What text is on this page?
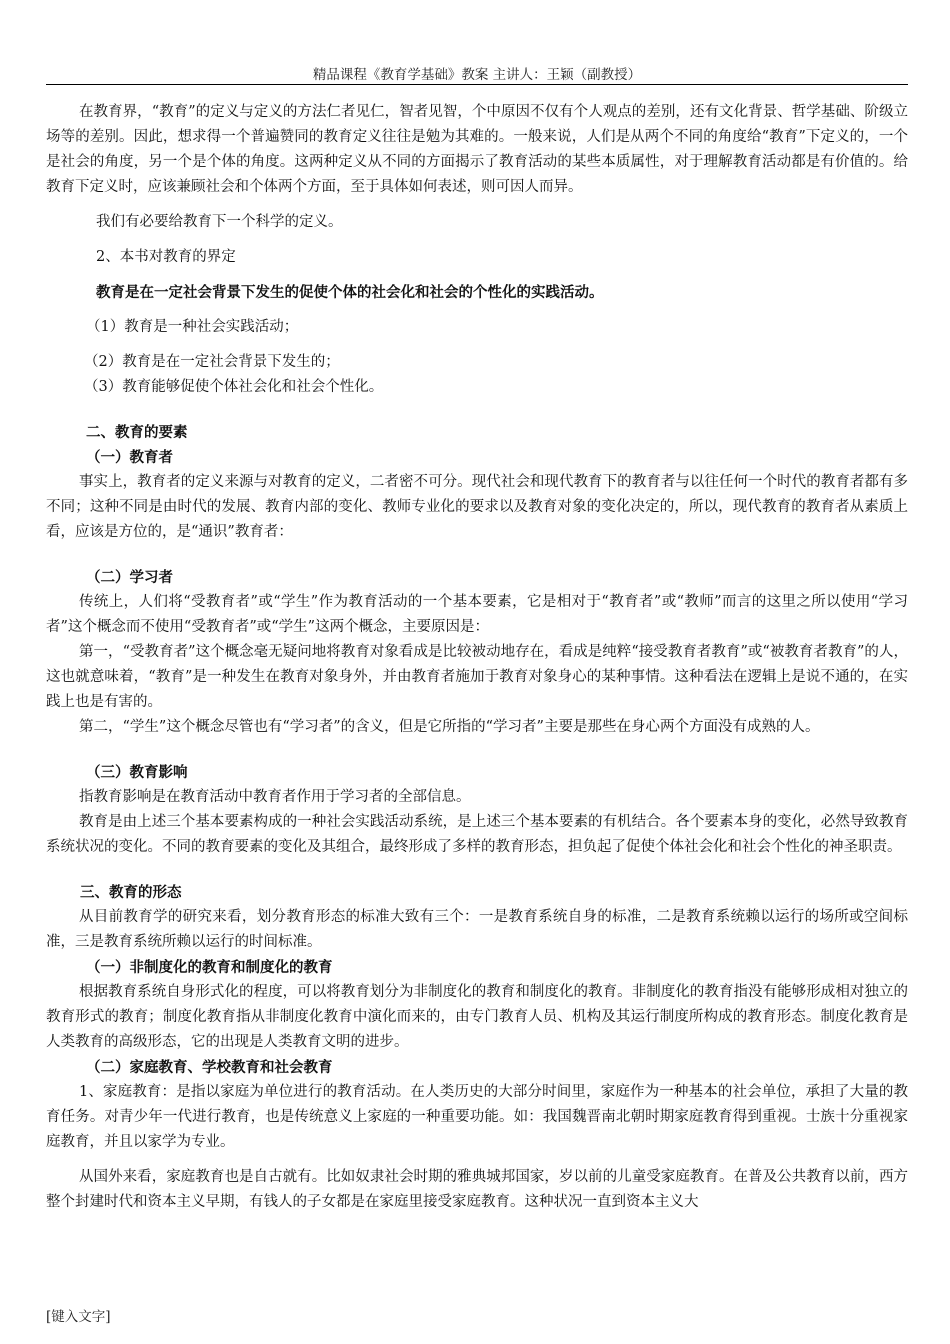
精品课程《教育学基础》教案 主讲人：王颖（副教授）

在教育界，“教育”的定义与定义的方法仁者见仁，智者见智，个中原因不仅有个人观点的差别，还有文化背景、哲学基础、阶级立场等的差别。因此，想求得一个普遍赞同的教育定义往往是勉为其难的。一般来说，人们是从两个不同的角度给“教育”下定义的，一个是社会的角度，另一个是个体的角度。这两种定义从不同的方面揭示了教育活动的某些本质属性，对于理解教育活动都是有价值的。给教育下定义时，应该兼顾社会和个体两个方面，至于具体如何表述，则可因人而异。

我们有必要给教育下一个科学的定义。

2、本书对教育的界定

教育是在一定社会背景下发生的促使个体的社会化和社会的个性化的实践活动。

（1）教育是一种社会实践活动；

（2）教育是在一定社会背景下发生的；

（3）教育能够促使个体社会化和社会个性化。

二、教育的要素

（一）教育者

事实上，教育者的定义来源与对教育的定义，二者密不可分。现代社会和现代教育下的教育者与以往任何一个时代的教育者都有多不同；这种不同是由时代的发展、教育内部的变化、教师专业化的要求以及教育对象的变化决定的，所以，现代教育的教育者从素质上看，应该是方位的，是“通识”教育者：

（二）学习者

传统上，人们将“受教育者”或“学生”作为教育活动的一个基本要素，它是相对于“教育者”或“教师”而言的这里之所以使用“学习者”这个概念而不使用“受教育者”或“学生”这两个概念，主要原因是：

第一，“受教育者”这个概念毫无疑问地将教育对象看成是比较被动地存在，看成是纯粹“接受教育者教育”或“被教育者教育”的人，这也就意味着，“教育”是一种发生在教育对象身外，并由教育者施加于教育对象身心的某种事情。这种看法在逻辑上是说不通的，在实践上也是有害的。

第二，“学生”这个概念尽管也有“学习者”的含义，但是它所指的“学习者”主要是那些在身心两个方面没有成熟的人。

（三）教育影响

指教育影响是在教育活动中教育者作用于学习者的全部信息。

教育是由上述三个基本要素构成的一种社会实践活动系统，是上述三个基本要素的有机结合。各个要素本身的变化，必然导致教育系统状况的变化。不同的教育要素的变化及其组合，最终形成了多样的教育形态，担负起了促使个体社会化和社会个性化的神圣职责。

三、教育的形态

从目前教育学的研究来看，划分教育形态的标准大致有三个：一是教育系统自身的标准，二是教育系统赖以运行的场所或空间标准，三是教育系统所赖以运行的时间标准。

（一）非制度化的教育和制度化的教育

根据教育系统自身形式化的程度，可以将教育划分为非制度化的教育和制度化的教育。非制度化的教育指没有能够形成相对独立的教育形式的教育；制度化教育指从非制度化教育中演化而来的，由专门教育人员、机构及其运行制度所构成的教育形态。制度化教育是人类教育的高级形态，它的出现是人类教育文明的进步。

（二）家庭教育、学校教育和社会教育

1、家庭教育：是指以家庭为单位进行的教育活动。在人类历史的大部分时间里，家庭作为一种基本的社会单位，承担了大量的教育任务。对青少年一代进行教育，也是传统意义上家庭的一种重要功能。如：我国魏晋南北朝时期家庭教育得到重视。士族十分重视家庭教育，并且以家学为专业。

从国外来看，家庭教育也是自古就有。比如奴隶社会时期的雅典城邦国家，岁以前的儿童受家庭教育。在普及公共教育以前，西方整个封建时代和资本主义早期，有钱人的子女都是在家庭里接受家庭教育。这种状况一直到资本主义大

[键入文字]
